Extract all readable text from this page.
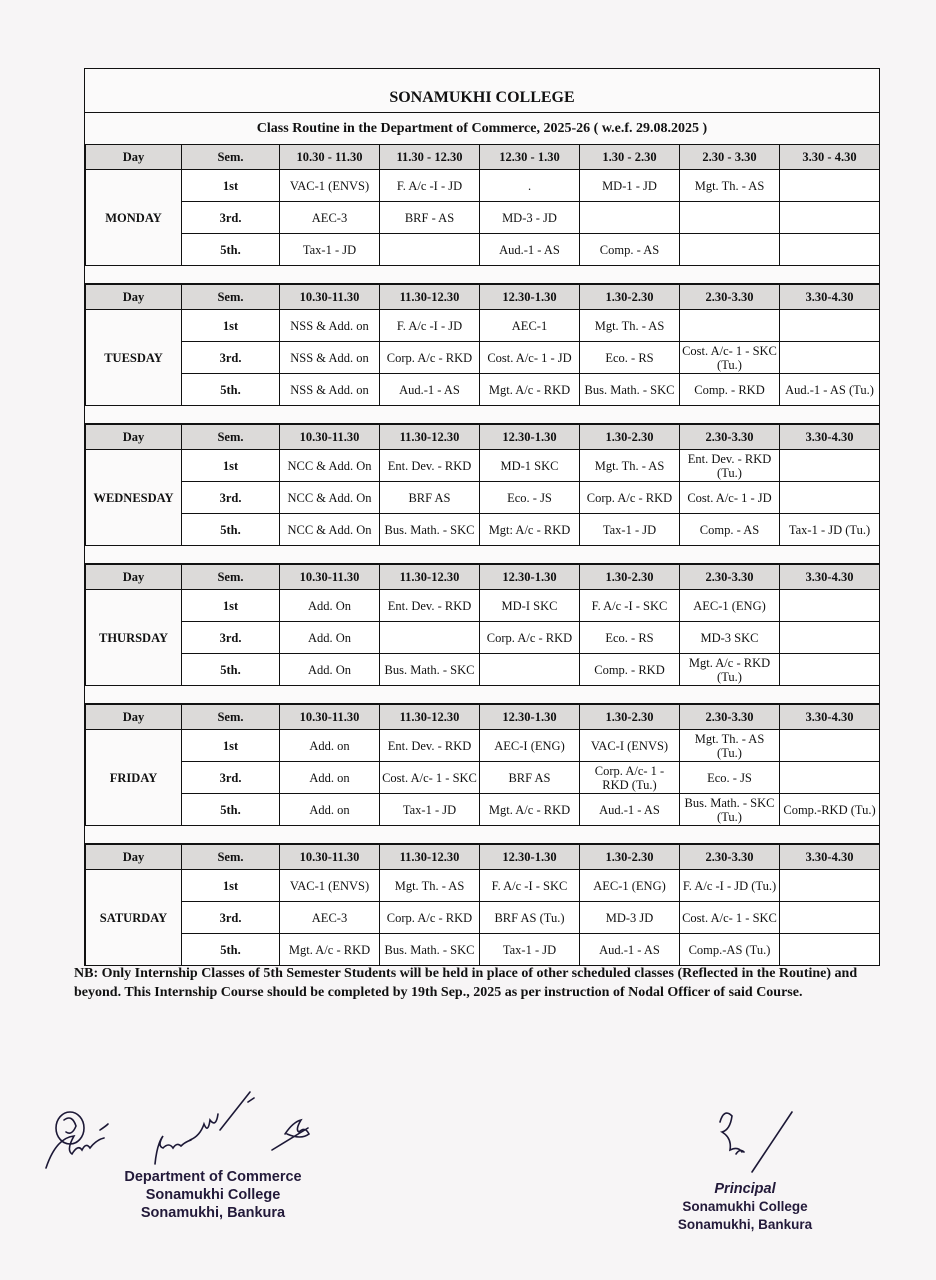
SONAMUKHI COLLEGE
Class Routine in the Department of Commerce, 2025-26 ( w.e.f. 29.08.2025 )
Day	Sem.	10.30 - 11.30	11.30 - 12.30	12.30 - 1.30	1.30 - 2.30	2.30 - 3.30	3.30 - 4.30
MONDAY	1st	VAC-1 (ENVS)	F. A/c -I - JD	.	MD-1 - JD	Mgt. Th. - AS	
	3rd.	AEC-3	BRF - AS	MD-3 - JD			
	5th.	Tax-1 - JD		Aud.-1 - AS	Comp. - AS		
Day	Sem.	10.30-11.30	11.30-12.30	12.30-1.30	1.30-2.30	2.30-3.30	3.30-4.30
TUESDAY	1st	NSS & Add. on	F. A/c -I - JD	AEC-1	Mgt. Th. - AS		
	3rd.	NSS & Add. on	Corp. A/c - RKD	Cost. A/c- 1 - JD	Eco. - RS	Cost. A/c- 1 - SKC (Tu.)	
	5th.	NSS & Add. on	Aud.-1 - AS	Mgt. A/c - RKD	Bus. Math. - SKC	Comp. - RKD	Aud.-1 - AS (Tu.)
Day	Sem.	10.30-11.30	11.30-12.30	12.30-1.30	1.30-2.30	2.30-3.30	3.30-4.30
WEDNESDAY	1st	NCC & Add. On	Ent. Dev. - RKD	MD-1 SKC	Mgt. Th. - AS	Ent. Dev. - RKD (Tu.)	
	3rd.	NCC & Add. On	BRF AS	Eco. - JS	Corp. A/c - RKD	Cost. A/c- 1 - JD	
	5th.	NCC & Add. On	Bus. Math. - SKC	Mgt: A/c - RKD	Tax-1 - JD	Comp. - AS	Tax-1 - JD (Tu.)
Day	Sem.	10.30-11.30	11.30-12.30	12.30-1.30	1.30-2.30	2.30-3.30	3.30-4.30
THURSDAY	1st	Add. On	Ent. Dev. - RKD	MD-I SKC	F. A/c -I - SKC	AEC-1 (ENG)	
	3rd.	Add. On		Corp. A/c - RKD	Eco. - RS	MD-3 SKC	
	5th.	Add. On	Bus. Math. - SKC		Comp. - RKD	Mgt. A/c - RKD (Tu.)	
Day	Sem.	10.30-11.30	11.30-12.30	12.30-1.30	1.30-2.30	2.30-3.30	3.30-4.30
FRIDAY	1st	Add. on	Ent. Dev. - RKD	AEC-I (ENG)	VAC-I (ENVS)	Mgt. Th. - AS (Tu.)	
	3rd.	Add. on	Cost. A/c- 1 - SKC	BRF AS	Corp. A/c- 1 - RKD (Tu.)	Eco. - JS	
	5th.	Add. on	Tax-1 - JD	Mgt. A/c - RKD	Aud.-1 - AS	Bus. Math. - SKC (Tu.)	Comp.-RKD (Tu.)
Day	Sem.	10.30-11.30	11.30-12.30	12.30-1.30	1.30-2.30	2.30-3.30	3.30-4.30
SATURDAY	1st	VAC-1 (ENVS)	Mgt. Th. - AS	F. A/c -I - SKC	AEC-1 (ENG)	F. A/c -I - JD (Tu.)	
	3rd.	AEC-3	Corp. A/c - RKD	BRF AS (Tu.)	MD-3 JD	Cost. A/c- 1 - SKC	
	5th.	Mgt. A/c - RKD	Bus. Math. - SKC	Tax-1 - JD	Aud.-1 - AS	Comp.-AS (Tu.)	
NB: Only Internship Classes of 5th Semester Students will be held in place of other scheduled classes (Reflected in the Routine) and beyond. This Internship Course should be completed by 19th Sep., 2025 as per instruction of Nodal Officer of said Course.
Department of Commerce
Sonamukhi College
Sonamukhi, Bankura
Principal
Sonamukhi College
Sonamukhi, Bankura
